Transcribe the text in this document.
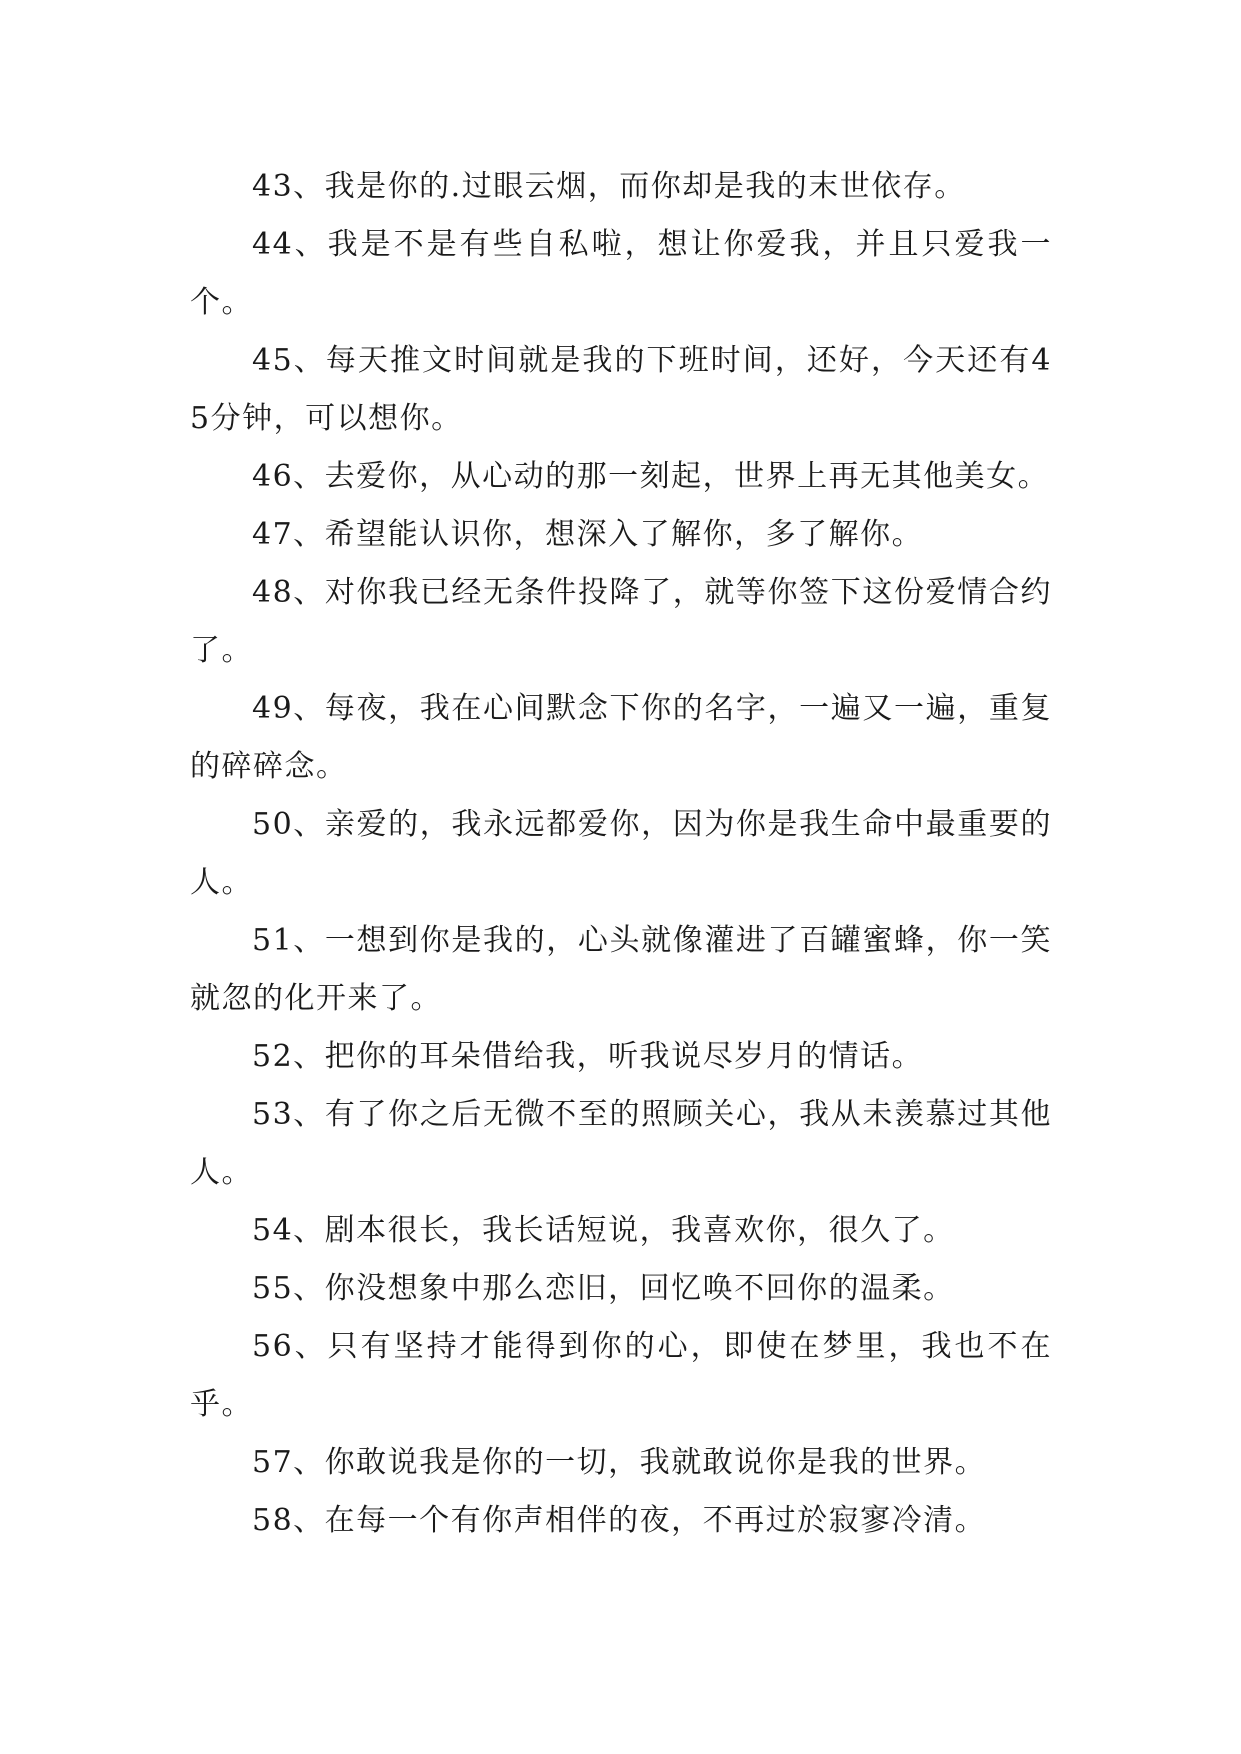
43、我是你的.过眼云烟，而你却是我的末世依存。

44、我是不是有些自私啦，想让你爱我，并且只爱我一个。

45、每天推文时间就是我的下班时间，还好，今天还有45分钟，可以想你。

46、去爱你，从心动的那一刻起，世界上再无其他美女。

47、希望能认识你，想深入了解你，多了解你。

48、对你我已经无条件投降了，就等你签下这份爱情合约了。

49、每夜，我在心间默念下你的名字，一遍又一遍，重复的碎碎念。

50、亲爱的，我永远都爱你，因为你是我生命中最重要的人。

51、一想到你是我的，心头就像灌进了百罐蜜蜂，你一笑就忽的化开来了。

52、把你的耳朵借给我，听我说尽岁月的情话。

53、有了你之后无微不至的照顾关心，我从未羡慕过其他人。

54、剧本很长，我长话短说，我喜欢你，很久了。

55、你没想象中那么恋旧，回忆唤不回你的温柔。

56、只有坚持才能得到你的心，即使在梦里，我也不在乎。

57、你敢说我是你的一切，我就敢说你是我的世界。

58、在每一个有你声相伴的夜，不再过於寂寥冷清。
